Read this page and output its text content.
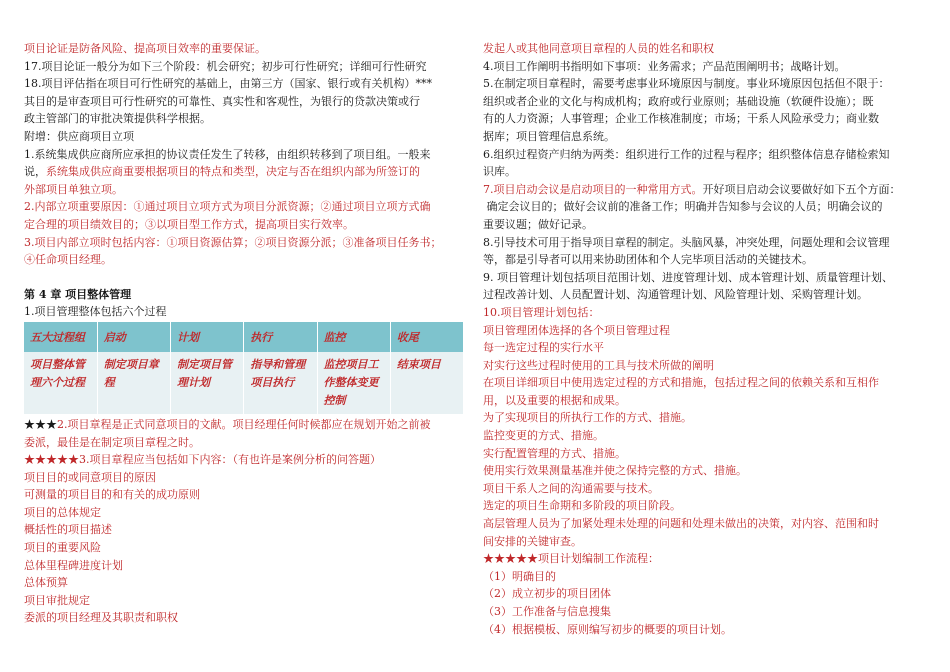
项目论证是防备风险、提高项目效率的重要保证。

17.项目论证一般分为如下三个阶段：机会研究；初步可行性研究；详细可行性研究

18.项目评估指在项目可行性研究的基础上，由第三方（国家、银行或有关机构）***

其目的是审查项目可行性研究的可靠性、真实性和客观性，为银行的贷款决策或行

政主管部门的审批决策提供科学根据。

附增：供应商项目立项

1.系统集成供应商所应承担的协议责任发生了转移，由组织转移到了项目组。一般来

说，系统集成供应商重要根据项目的特点和类型，决定与否在组织内部为所签订的

外部项目单独立项。

2.内部立项重要原因：①通过项目立项方式为项目分派资源；②通过项目立项方式确

定合理的项目绩效目的；③以项目型工作方式，提高项目实行效率。

3.项目内部立项时包括内容：①项目资源估算；②项目资源分派；③准备项目任务书；

④任命项目经理。

第 4 章 项目整体管理

1.项目管理整体包括六个过程

五大过程组	启动	计划	执行	监控	收尾
项目整体管理六个过程	制定项目章程	制定项目管理计划	指导和管理项目执行	监控项目工作整体变更控制	结束项目

★★★2.项目章程是正式同意项目的文献。项目经理任何时候都应在规划开始之前被

委派，最佳是在制定项目章程之时。

★★★★★3.项目章程应当包括如下内容：（有也许是案例分析的问答题）

项目目的或同意项目的原因

可测量的项目目的和有关的成功原则

项目的总体规定

概括性的项目描述

项目的重要风险

总体里程碑进度计划

总体预算

项目审批规定

委派的项目经理及其职责和职权

发起人或其他同意项目章程的人员的姓名和职权

4.项目工作阐明书指明如下事项：业务需求；产品范围阐明书；战略计划。

5.在制定项目章程时，需要考虑事业环境原因与制度。事业环境原因包括但不限于：

组织或者企业的文化与构成机构；政府或行业原则；基础设施（软硬件设施）；既

有的人力资源；人事管理；企业工作核准制度；市场；干系人风险承受力；商业数

据库；项目管理信息系统。

6.组织过程资产归纳为两类：组织进行工作的过程与程序；组织整体信息存储检索知

识库。

7.项目启动会议是启动项目的一种常用方式。开好项目启动会议要做好如下五个方面：

确定会议目的；做好会议前的准备工作；明确并告知参与会议的人员；明确会议的

重要议题；做好记录。

8.引导技术可用于指导项目章程的制定。头脑风暴，冲突处理，问题处理和会议管理

等，都是引导者可以用来协助团体和个人完毕项目活动的关键技术。

9. 项目管理计划包括项目范围计划、进度管理计划、成本管理计划、质量管理计划、

过程改善计划、人员配置计划、沟通管理计划、风险管理计划、采购管理计划。

10.项目管理计划包括：

项目管理团体选择的各个项目管理过程

每一选定过程的实行水平

对实行这些过程时使用的工具与技术所做的阐明

在项目详细项目中使用选定过程的方式和措施，包括过程之间的依赖关系和互相作

用，以及重要的根据和成果。

为了实现项目的所执行工作的方式、措施。

监控变更的方式、措施。

实行配置管理的方式、措施。

使用实行效果测量基准并使之保持完整的方式、措施。

项目干系人之间的沟通需要与技术。

选定的项目生命期和多阶段的项目阶段。

高层管理人员为了加紧处理未处理的问题和处理未做出的决策，对内容、范围和时

间安排的关键审查。

★★★★★项目计划编制工作流程：

（1）明确目的

（2）成立初步的项目团体

（3）工作准备与信息搜集

（4）根据模板、原则编写初步的概要的项目计划。
